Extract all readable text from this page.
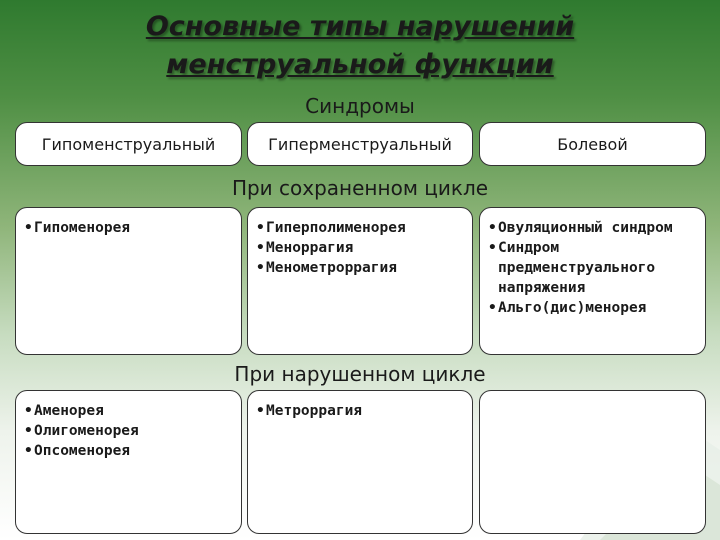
Основные типы нарушений
менструальной функции
Синдромы
Гипоменструальный	Гиперменструальный	Болевой
При сохраненном цикле
• Гипоменорея
•	Гиперполименорея
• Меноррагия
• Менометроррагия
• Овуляционный синдром
• Синдром предменструального напряжения
• Альго(дис)менорея
При нарушенном цикле
• Аменорея
• Олигоменорея
• Опсоменорея
• Метроррагия
